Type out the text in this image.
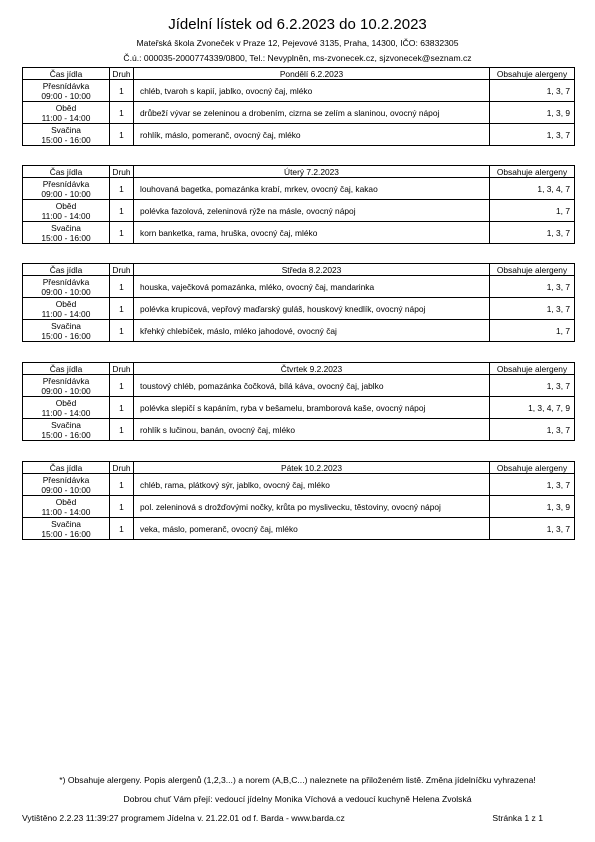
Jídelní lístek od 6.2.2023 do 10.2.2023
Mateřská škola Zvoneček v Praze 12, Pejevové 3135, Praha, 14300, IČO: 63832305
Č.ú.: 000035-2000774339/0800, Tel.: Nevyplněn, ms-zvonecek.cz, sjzvonecek@seznam.cz
Čas jídla	Druh	Pondělí 6.2.2023	Obsahuje alergeny

Přesnídávka
09:00 - 10:00	1	chléb, tvaroh s kapií, jablko, ovocný čaj, mléko	1, 3, 7

Oběd
11:00 - 14:00	1	drůbeží vývar se zeleninou a drobením, cizrna se zelím a slaninou, ovocný nápoj	1, 3, 9

Svačina
15:00 - 16:00	1	rohlík, máslo, pomeranč, ovocný čaj, mléko	1, 3, 7
Čas jídla	Druh	Úterý 7.2.2023	Obsahuje alergeny

Přesnídávka
09:00 - 10:00	1	louhovaná bagetka, pomazánka krabí, mrkev, ovocný čaj, kakao	1, 3, 4, 7

Oběd
11:00 - 14:00	1	polévka fazolová, zeleninová rýže na másle, ovocný nápoj	1, 7

Svačina
15:00 - 16:00	1	korn banketka, rama, hruška, ovocný čaj, mléko	1, 3, 7
Čas jídla	Druh	Středa 8.2.2023	Obsahuje alergeny

Přesnídávka
09:00 - 10:00	1	houska, vaječková pomazánka, mléko, ovocný čaj, mandarinka	1, 3, 7

Oběd
11:00 - 14:00	1	polévka krupicová, vepřový maďarský guláš, houskový knedlík, ovocný nápoj	1, 3, 7

Svačina
15:00 - 16:00	1	křehký chlebíček, máslo, mléko jahodové, ovocný čaj	1, 7
Čas jídla	Druh	Čtvrtek 9.2.2023	Obsahuje alergeny

Přesnídávka
09:00 - 10:00	1	toustový chléb, pomazánka čočková, bílá káva, ovocný čaj, jablko	1, 3, 7

Oběd
11:00 - 14:00	1	polévka slepičí s kapáním, ryba v bešamelu, bramborová kaše, ovocný nápoj	1, 3, 4, 7, 9

Svačina
15:00 - 16:00	1	rohlík s lučinou, banán, ovocný čaj, mléko	1, 3, 7
Čas jídla	Druh	Pátek 10.2.2023	Obsahuje alergeny

Přesnídávka
09:00 - 10:00	1	chléb, rama, plátkový sýr, jablko, ovocný čaj, mléko	1, 3, 7

Oběd
11:00 - 14:00	1	pol. zeleninová s drožďovými nočky, krůta po myslivecku, těstoviny, ovocný nápoj	1, 3, 9

Svačina
15:00 - 16:00	1	veka, máslo, pomeranč, ovocný čaj, mléko	1, 3, 7
*) Obsahuje alergeny. Popis alergenů (1,2,3...) a norem (A,B,C...) naleznete na přiloženém listě. Změna jídelníčku vyhrazena!
Dobrou chuť Vám přejí: vedoucí jídelny Monika Víchová a vedoucí kuchyně Helena Zvolská
Vytištěno 2.2.23 11:39:27 programem Jídelna v. 21.22.01 od f. Barda - www.barda.cz	Stránka 1 z 1
